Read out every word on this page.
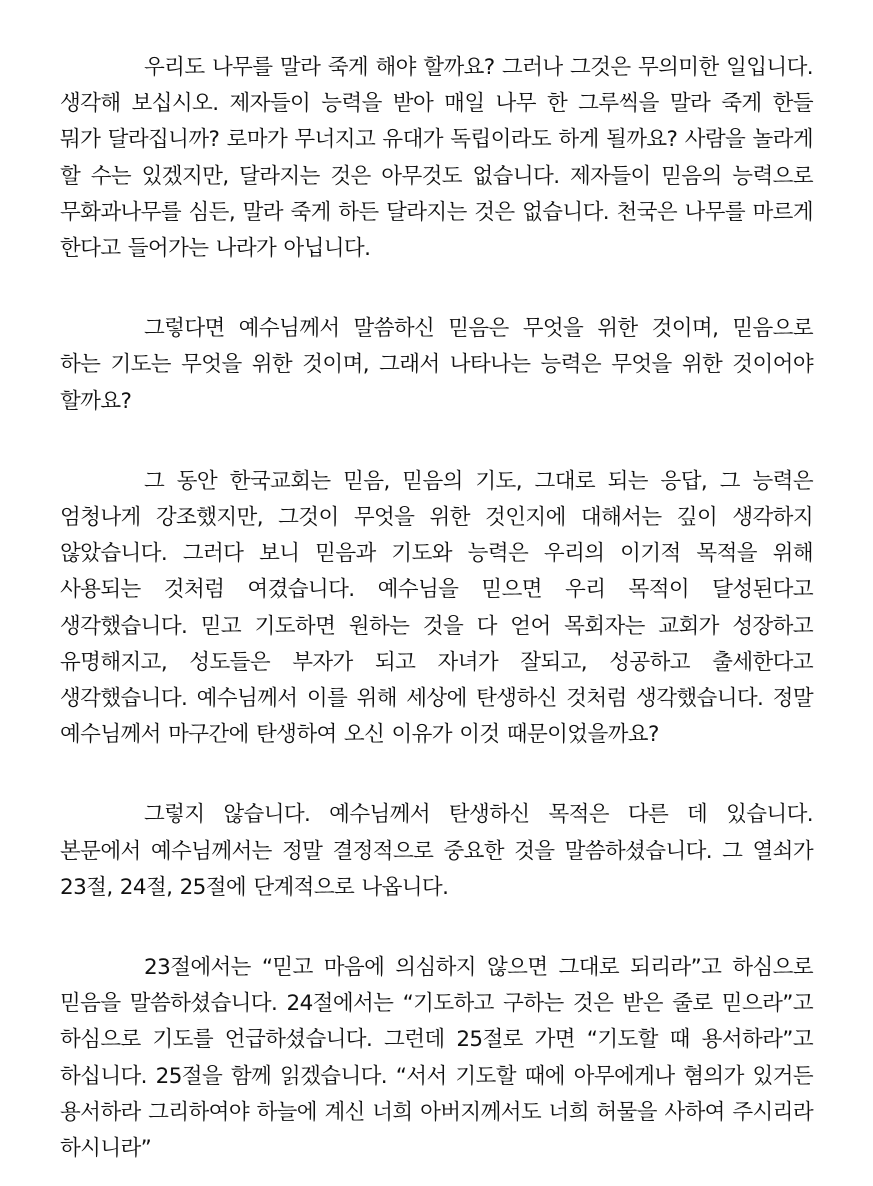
우리도 나무를 말라 죽게 해야 할까요? 그러나 그것은 무의미한 일입니다. 생각해 보십시오. 제자들이 능력을 받아 매일 나무 한 그루씩을 말라 죽게 한들 뭐가 달라집니까? 로마가 무너지고 유대가 독립이라도 하게 될까요? 사람을 놀라게 할 수는 있겠지만, 달라지는 것은 아무것도 없습니다. 제자들이 믿음의 능력으로 무화과나무를 심든, 말라 죽게 하든 달라지는 것은 없습니다. 천국은 나무를 마르게 한다고 들어가는 나라가 아닙니다.

그렇다면 예수님께서 말씀하신 믿음은 무엇을 위한 것이며, 믿음으로 하는 기도는 무엇을 위한 것이며, 그래서 나타나는 능력은 무엇을 위한 것이어야 할까요?

그 동안 한국교회는 믿음, 믿음의 기도, 그대로 되는 응답, 그 능력은 엄청나게 강조했지만, 그것이 무엇을 위한 것인지에 대해서는 깊이 생각하지 않았습니다. 그러다 보니 믿음과 기도와 능력은 우리의 이기적 목적을 위해 사용되는 것처럼 여겼습니다. 예수님을 믿으면 우리 목적이 달성된다고 생각했습니다. 믿고 기도하면 원하는 것을 다 얻어 목회자는 교회가 성장하고 유명해지고, 성도들은 부자가 되고 자녀가 잘되고, 성공하고 출세한다고 생각했습니다. 예수님께서 이를 위해 세상에 탄생하신 것처럼 생각했습니다. 정말 예수님께서 마구간에 탄생하여 오신 이유가 이것 때문이었을까요?

그렇지 않습니다. 예수님께서 탄생하신 목적은 다른 데 있습니다. 본문에서 예수님께서는 정말 결정적으로 중요한 것을 말씀하셨습니다. 그 열쇠가 23절, 24절, 25절에 단계적으로 나옵니다.

23절에서는 “믿고 마음에 의심하지 않으면 그대로 되리라”고 하심으로 믿음을 말씀하셨습니다. 24절에서는 “기도하고 구하는 것은 받은 줄로 믿으라”고 하심으로 기도를 언급하셨습니다. 그런데 25절로 가면 “기도할 때 용서하라”고 하십니다. 25절을 함께 읽겠습니다. “서서 기도할 때에 아무에게나 혐의가 있거든 용서하라 그리하여야 하늘에 계신 너희 아버지께서도 너희 허물을 사하여 주시리라 하시니라”
